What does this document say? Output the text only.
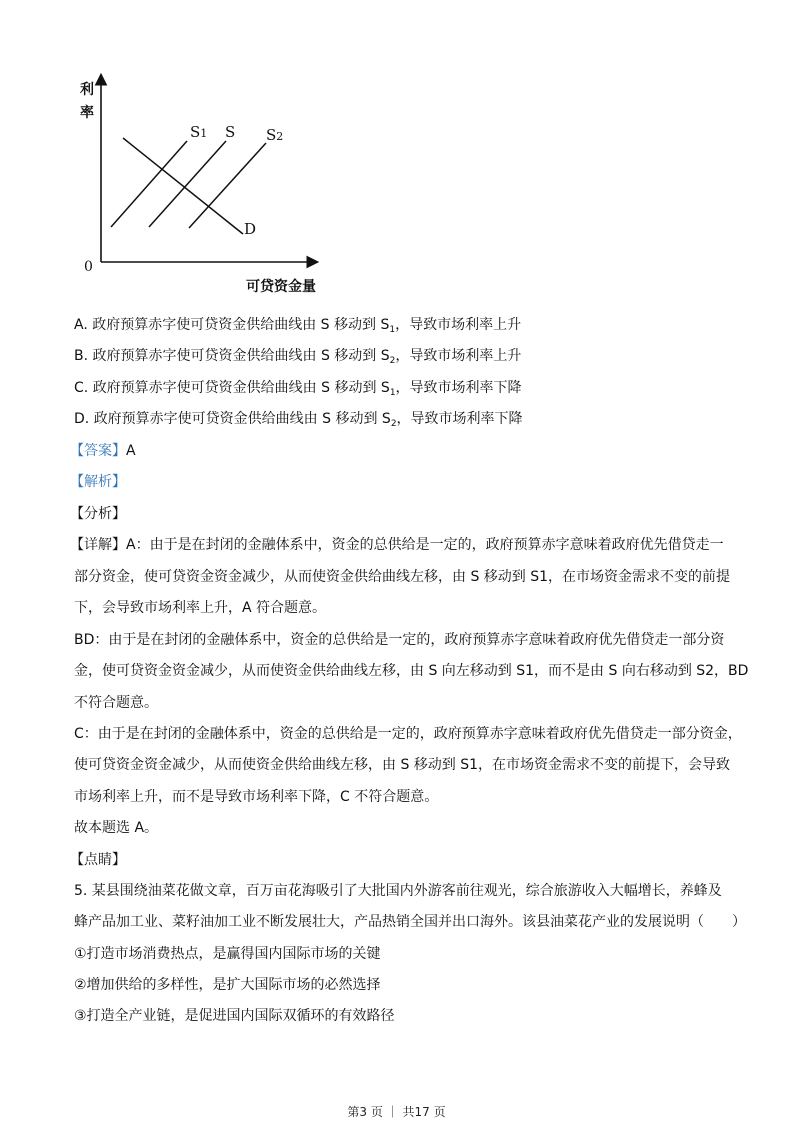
利
率
0
可贷资金量
S1 S S2
D
A. 政府预算赤字使可贷资金供给曲线由 S 移动到 $S_1$，导致市场利率上升
B. 政府预算赤字使可贷资金供给曲线由 S 移动到 $S_2$，导致市场利率上升
C. 政府预算赤字使可贷资金供给曲线由 S 移动到 $S_1$，导致市场利率下降
D. 政府预算赤字使可贷资金供给曲线由 S 移动到 $S_2$，导致市场利率下降
【答案】A
【解析】
【分析】
【详解】A：由于是在封闭的金融体系中，资金的总供给是一定的，政府预算赤字意味着政府优先借贷走一
部分资金，使可贷资金资金减少，从而使资金供给曲线左移，由 S 移动到 S1，在市场资金需求不变的前提
下，会导致市场利率上升，A 符合题意。
BD：由于是在封闭的金融体系中，资金的总供给是一定的，政府预算赤字意味着政府优先借贷走一部分资
金，使可贷资金资金减少，从而使资金供给曲线左移，由 S 向左移动到 S1，而不是由 S 向右移动到 S2，BD
不符合题意。
C：由于是在封闭的金融体系中，资金的总供给是一定的，政府预算赤字意味着政府优先借贷走一部分资金，
使可贷资金资金减少，从而使资金供给曲线左移，由 S 移动到 S1，在市场资金需求不变的前提下，会导致
市场利率上升，而不是导致市场利率下降，C 不符合题意。
故本题选 A。
【点睛】
5. 某县围绕油菜花做文章，百万亩花海吸引了大批国内外游客前往观光，综合旅游收入大幅增长，养蜂及
蜂产品加工业、菜籽油加工业不断发展壮大，产品热销全国并出口海外。该县油菜花产业的发展说明（　　）
①打造市场消费热点，是赢得国内国际市场的关键
②增加供给的多样性，是扩大国际市场的必然选择
③打造全产业链，是促进国内国际双循环的有效路径
第3 页 ｜ 共17 页
